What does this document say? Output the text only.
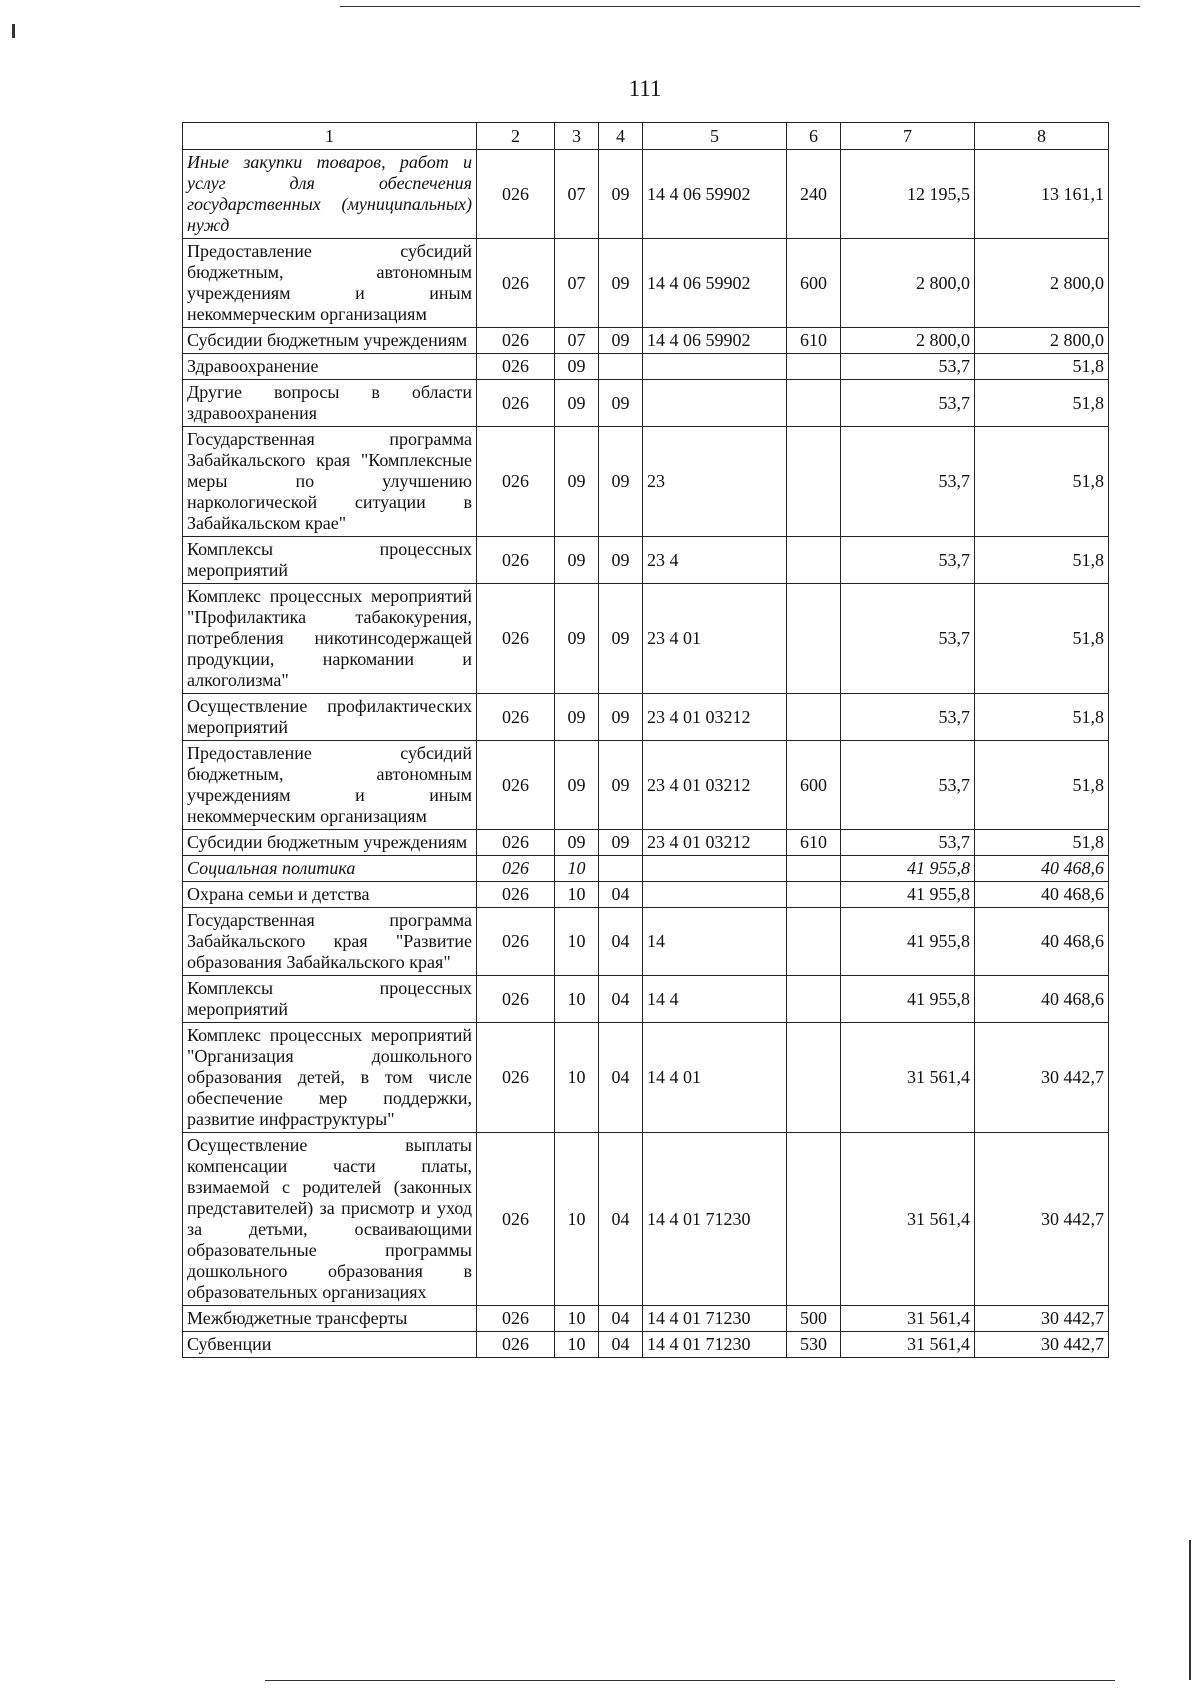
111
1	2	3	4	5	6	7	8
Иные закупки товаров, работ и услуг для обеспечения государственных (муниципальных) нужд	026	07	09	14 4 06 59902	240	12 195,5	13 161,1
Предоставление субсидий бюджетным, автономным учреждениям и иным некоммерческим организациям	026	07	09	14 4 06 59902	600	2 800,0	2 800,0
Субсидии бюджетным учреждениям	026	07	09	14 4 06 59902	610	2 800,0	2 800,0
Здравоохранение	026	09				53,7	51,8
Другие вопросы в области здравоохранения	026	09	09			53,7	51,8
Государственная программа Забайкальского края "Комплексные меры по улучшению наркологической ситуации в Забайкальском крае"	026	09	09	23		53,7	51,8
Комплексы процессных мероприятий	026	09	09	23 4		53,7	51,8
Комплекс процессных мероприятий "Профилактика табакокурения, потребления никотинсодержащей продукции, наркомании и алкоголизма"	026	09	09	23 4 01		53,7	51,8
Осуществление профилактических мероприятий	026	09	09	23 4 01 03212		53,7	51,8
Предоставление субсидий бюджетным, автономным учреждениям и иным некоммерческим организациям	026	09	09	23 4 01 03212	600	53,7	51,8
Субсидии бюджетным учреждениям	026	09	09	23 4 01 03212	610	53,7	51,8
Социальная политика	026	10				41 955,8	40 468,6
Охрана семьи и детства	026	10	04			41 955,8	40 468,6
Государственная программа Забайкальского края "Развитие образования Забайкальского края"	026	10	04	14		41 955,8	40 468,6
Комплексы процессных мероприятий	026	10	04	14 4		41 955,8	40 468,6
Комплекс процессных мероприятий "Организация дошкольного образования детей, в том числе обеспечение мер поддержки, развитие инфраструктуры"	026	10	04	14 4 01		31 561,4	30 442,7
Осуществление выплаты компенсации части платы, взимаемой с родителей (законных представителей) за присмотр и уход за детьми, осваивающими образовательные программы дошкольного образования в образовательных организациях	026	10	04	14 4 01 71230		31 561,4	30 442,7
Межбюджетные трансферты	026	10	04	14 4 01 71230	500	31 561,4	30 442,7
Субвенции	026	10	04	14 4 01 71230	530	31 561,4	30 442,7
